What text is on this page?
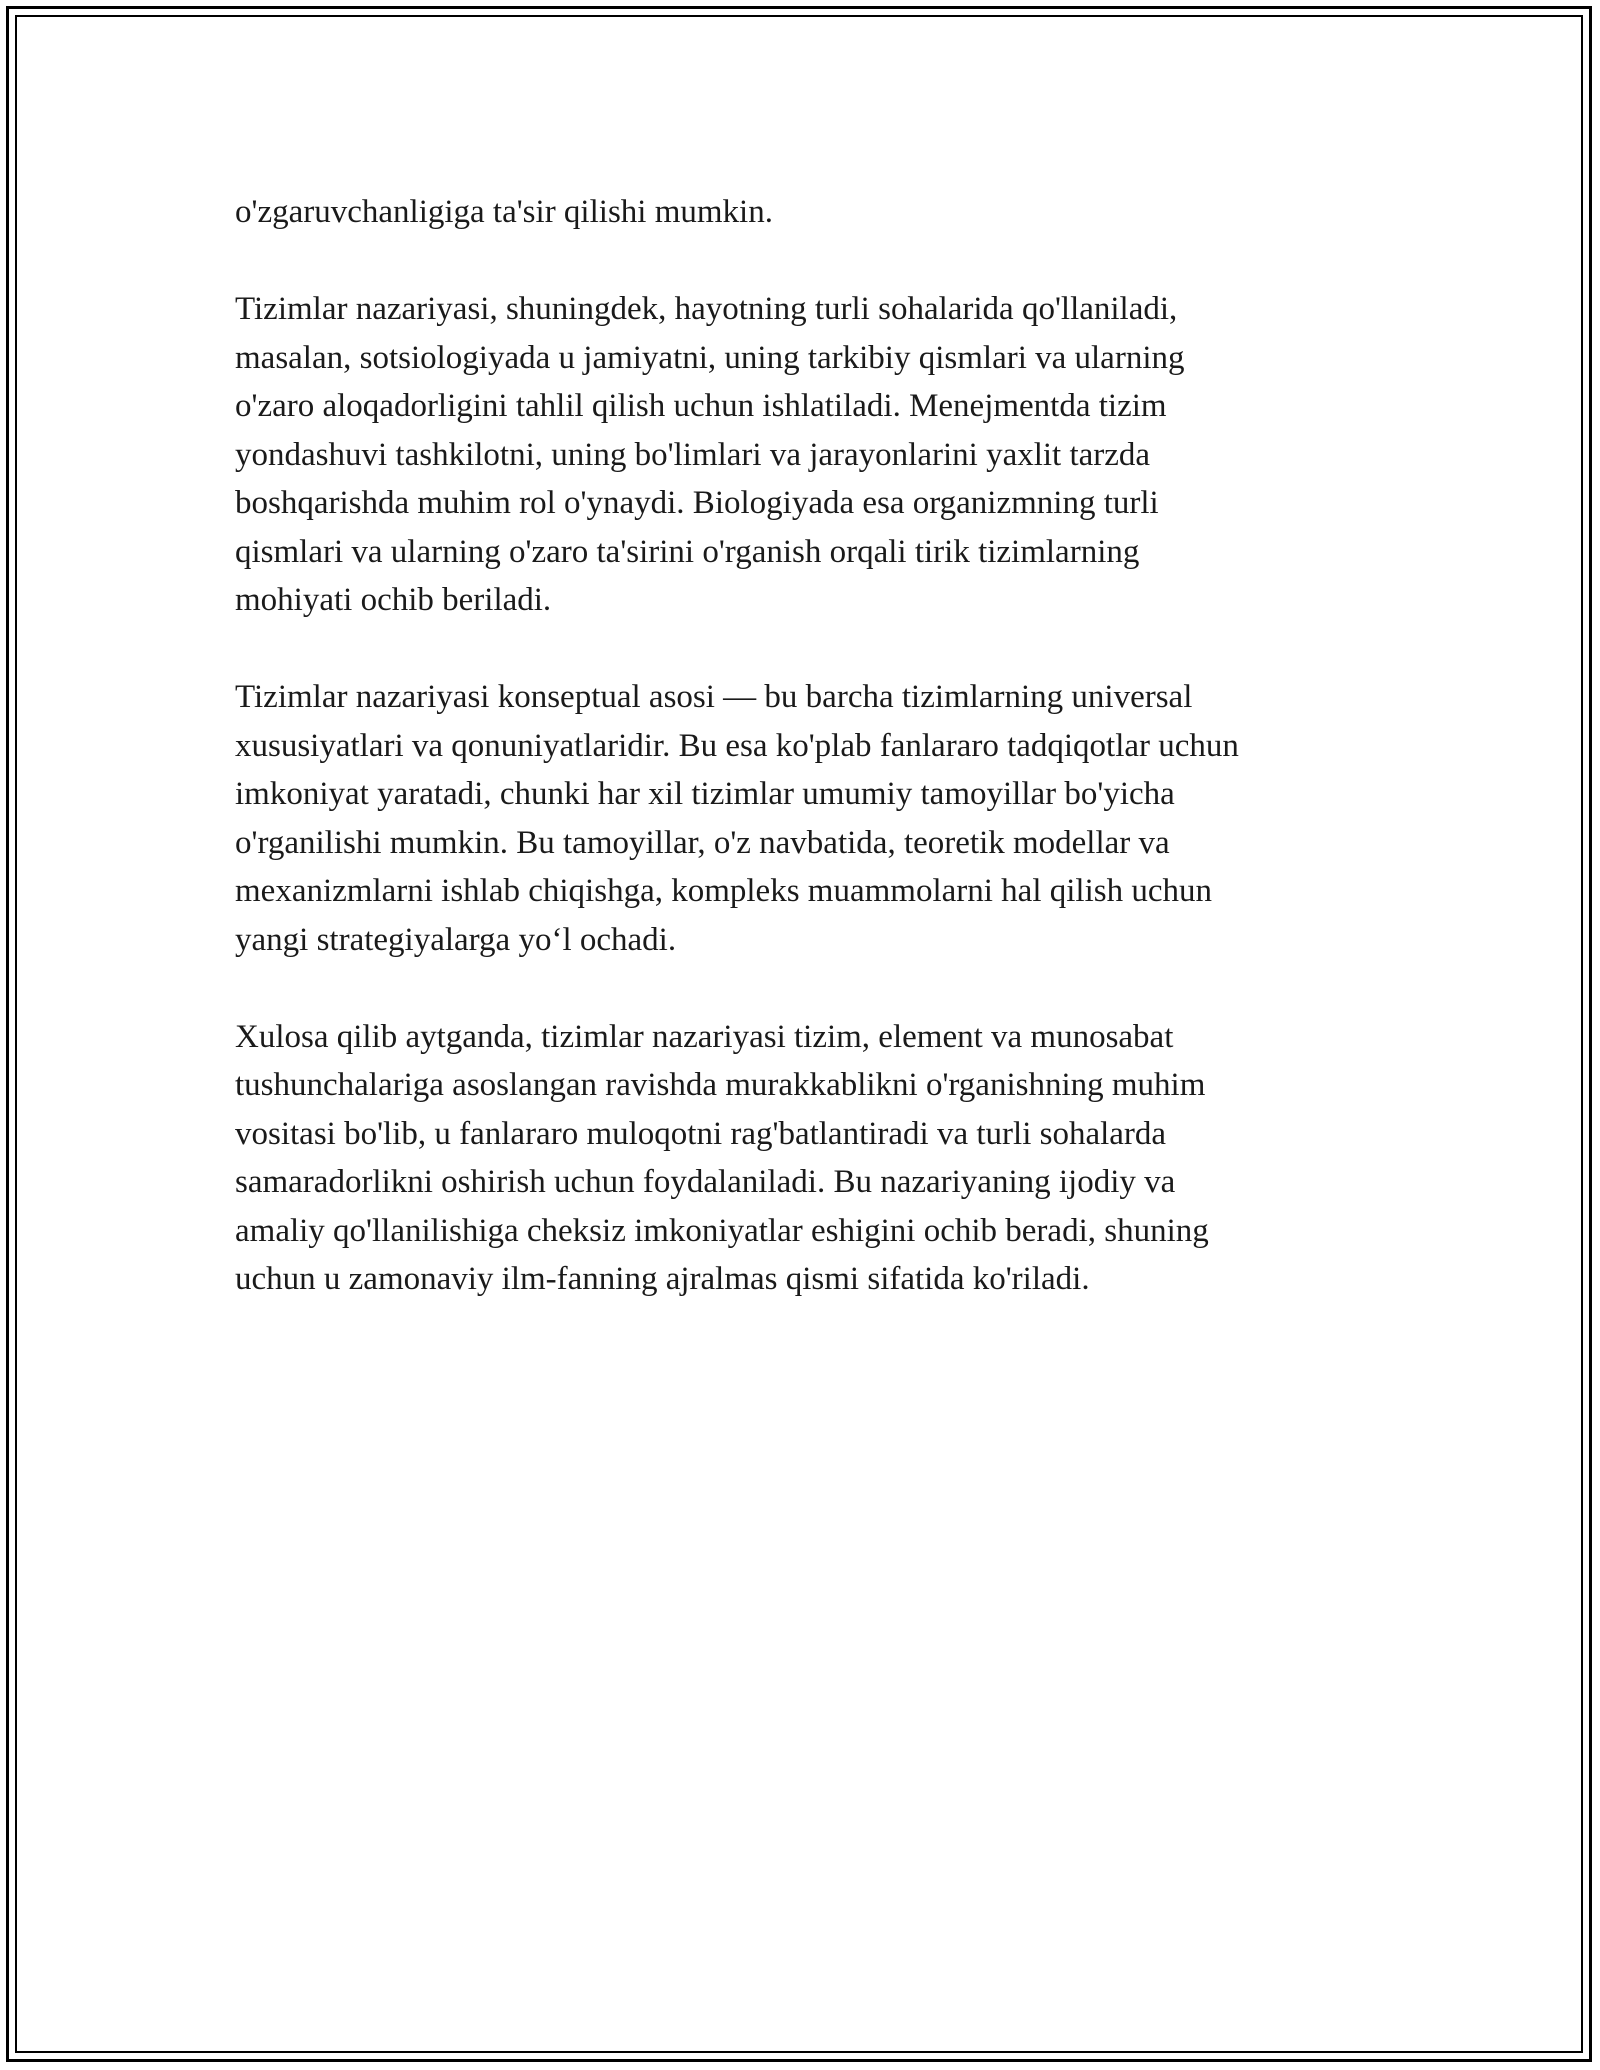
o'zgaruvchanligiga ta'sir qilishi mumkin.

Tizimlar nazariyasi, shuningdek, hayotning turli sohalarida qo'llaniladi,
masalan, sotsiologiyada u jamiyatni, uning tarkibiy qismlari va ularning
o'zaro aloqadorligini tahlil qilish uchun ishlatiladi. Menejmentda tizim
yondashuvi tashkilotni, uning bo'limlari va jarayonlarini yaxlit tarzda
boshqarishda muhim rol o'ynaydi. Biologiyada esa organizmning turli
qismlari va ularning o'zaro ta'sirini o'rganish orqali tirik tizimlarning
mohiyati ochib beriladi.

Tizimlar nazariyasi konseptual asosi — bu barcha tizimlarning universal
xususiyatlari va qonuniyatlaridir. Bu esa ko'plab fanlararo tadqiqotlar uchun
imkoniyat yaratadi, chunki har xil tizimlar umumiy tamoyillar bo'yicha
o'rganilishi mumkin. Bu tamoyillar, o'z navbatida, teoretik modellar va
mexanizmlarni ishlab chiqishga, kompleks muammolarni hal qilish uchun
yangi strategiyalarga yo‘l ochadi.

Xulosa qilib aytganda, tizimlar nazariyasi tizim, element va munosabat
tushunchalariga asoslangan ravishda murakkablikni o'rganishning muhim
vositasi bo'lib, u fanlararo muloqotni rag'batlantiradi va turli sohalarda
samaradorlikni oshirish uchun foydalaniladi. Bu nazariyaning ijodiy va
amaliy qo'llanilishiga cheksiz imkoniyatlar eshigini ochib beradi, shuning
uchun u zamonaviy ilm-fanning ajralmas qismi sifatida ko'riladi.
